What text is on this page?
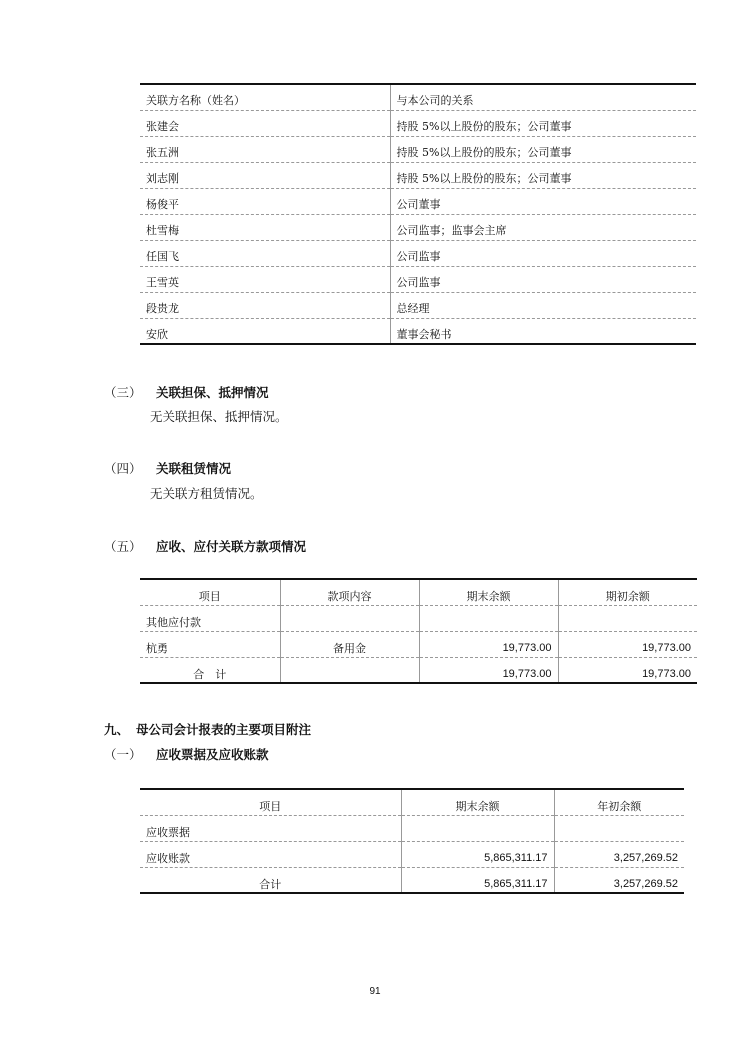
关联方名称（姓名）	与本公司的关系
张建会	持股 5%以上股份的股东；公司董事
张五洲	持股 5%以上股份的股东；公司董事
刘志刚	持股 5%以上股份的股东；公司董事
杨俊平	公司董事
杜雪梅	公司监事；监事会主席
任国飞	公司监事
王雪英	公司监事
段贵龙	总经理
安欣	董事会秘书
（三） 关联担保、抵押情况
无关联担保、抵押情况。
（四） 关联租赁情况
无关联方租赁情况。
（五） 应收、应付关联方款项情况
项目	款项内容	期末余额	期初余额
其他应付款			
杭勇	备用金	19,773.00	19,773.00
合　计		19,773.00	19,773.00
九、 母公司会计报表的主要项目附注
（一） 应收票据及应收账款
项目	期末余额	年初余额
应收票据		
应收账款	5,865,311.17	3,257,269.52
合计	5,865,311.17	3,257,269.52
91
